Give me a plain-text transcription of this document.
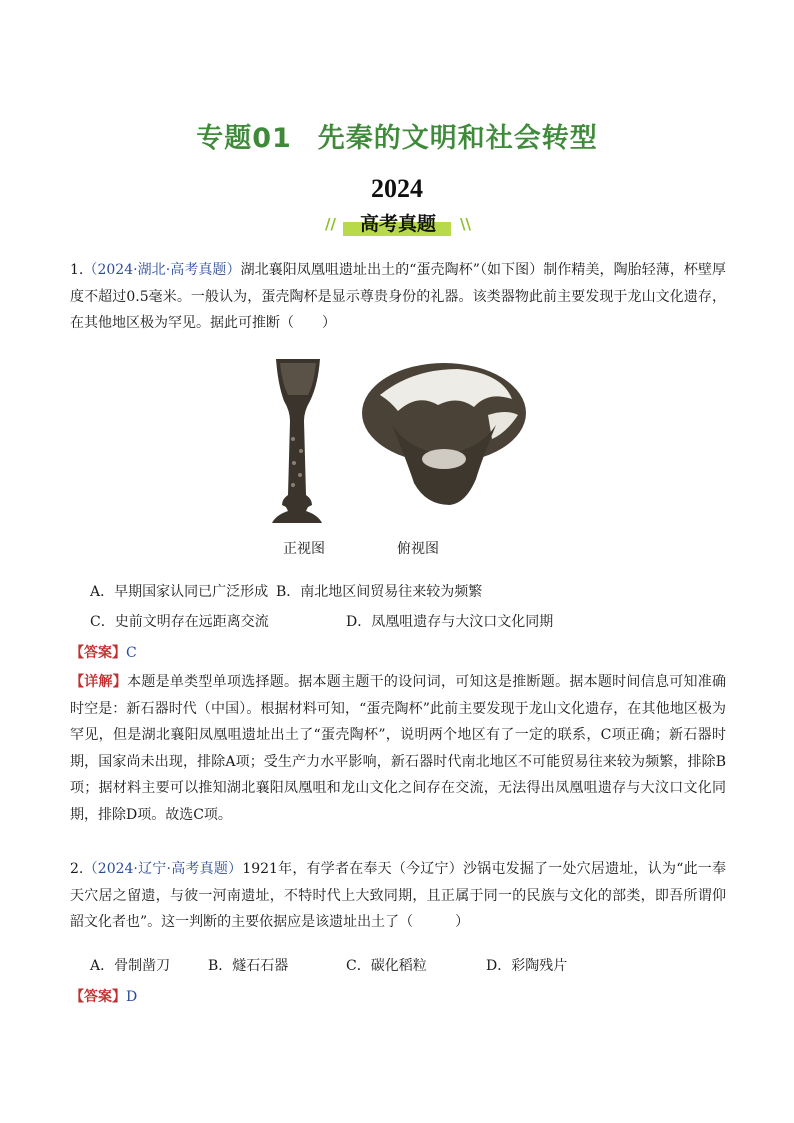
专题01 先秦的文明和社会转型
2024
//	\\
高考真题

1.（2024·湖北·高考真题）湖北襄阳凤凰咀遗址出土的“蛋壳陶杯”（如下图）制作精美，陶胎轻薄，杯壁厚度不超过0.5毫米。一般认为，蛋壳陶杯是显示尊贵身份的礼器。该类器物此前主要发现于龙山文化遗存，在其他地区极为罕见。据此可推断（　　）

正视图	俯视图
A．早期国家认同已广泛形成 B．南北地区间贸易往来较为频繁
C．史前文明存在远距离交流	D．凤凰咀遗存与大汶口文化同期
【答案】C

【详解】本题是单类型单项选择题。据本题主题干的设问词，可知这是推断题。据本题时间信息可知准确时空是：新石器时代（中国）。根据材料可知，“蛋壳陶杯”此前主要发现于龙山文化遗存，在其他地区极为罕见，但是湖北襄阳凤凰咀遗址出土了“蛋壳陶杯”，说明两个地区有了一定的联系，C项正确；新石器时期，国家尚未出现，排除A项；受生产力水平影响，新石器时代南北地区不可能贸易往来较为频繁，排除B项；据材料主要可以推知湖北襄阳凤凰咀和龙山文化之间存在交流，无法得出凤凰咀遗存与大汶口文化同期，排除D项。故选C项。

2.（2024·辽宁·高考真题）1921年，有学者在奉天（今辽宁）沙锅屯发掘了一处穴居遗址，认为“此一奉天穴居之留遗，与彼一河南遗址，不特时代上大致同期，且正属于同一的民族与文化的部类，即吾所谓仰韶文化者也”。这一判断的主要依据应是该遗址出土了（　　　）

A．骨制凿刀	B．燧石石器	C．碳化稻粒	D．彩陶残片
【答案】D
